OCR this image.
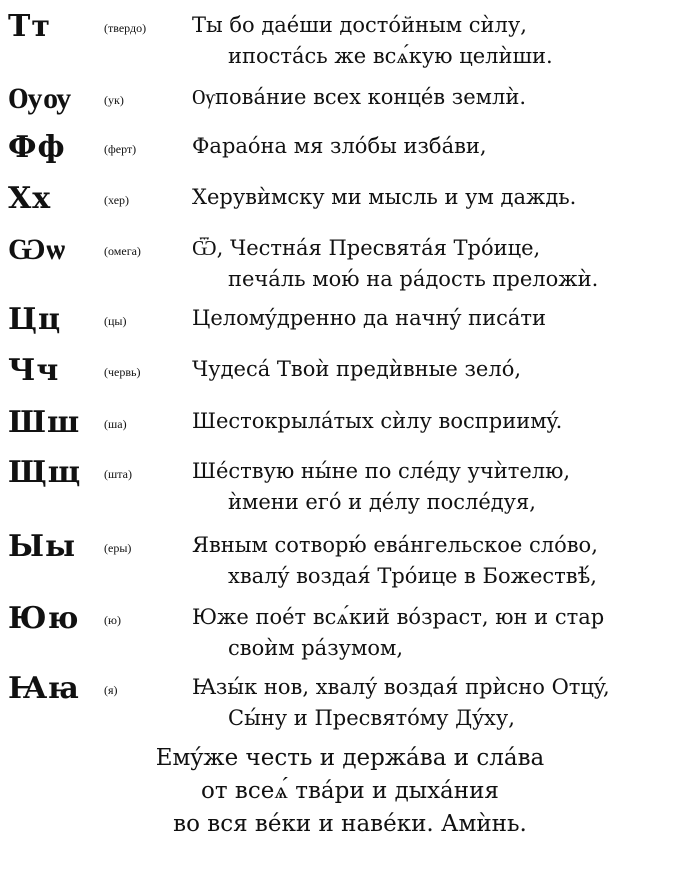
Тт	(твердо) Ты бо даéши достóйным сѝлу,
ипостáсь же всѧ́кую целѝши.
Ѹѹ	(ук)	Ѹповáние всех концéв землѝ.
Фф	(ферт)	Фараóна мя злóбы избáви,
Хх	(хер)	Херувѝмску ми мысль и ум даждь.
Ѡѡ	(омега) Ѿ, Честнáя Пресвятáя Трóице,
печáль мою́ на рáдость преложѝ.
Цц	(цы)	Целомýдренно да начнý писáти
Чч	(червь) Чудесá Твоѝ предѝвные зелó,
Шш (ша)	Шестокрылáтых сѝлу восприимý.
Щщ (шта)	Шéствую ны́не по слéду учѝтелю,
ѝмени егó и дéлу послéдуя,
Ыы (еры)	Явным сотворю́ евáнгельское слóво,
хвалý воздая́ Трóице в Божествѣ́,
Юю (ю)	Юже поéт всѧ́кий вóзраст, юн и стар
своѝм рáзумом,
Ꙗꙗ (я)	Ꙗзы́к нов, хвалý воздая́ прѝсно Отцý,
Сы́ну и Пресвятóму Дýху,
Емýже честь и держáва и слáва
от всеѧ́ твáри и дыхáния
во вся вéки и навéки. Амѝнь.
